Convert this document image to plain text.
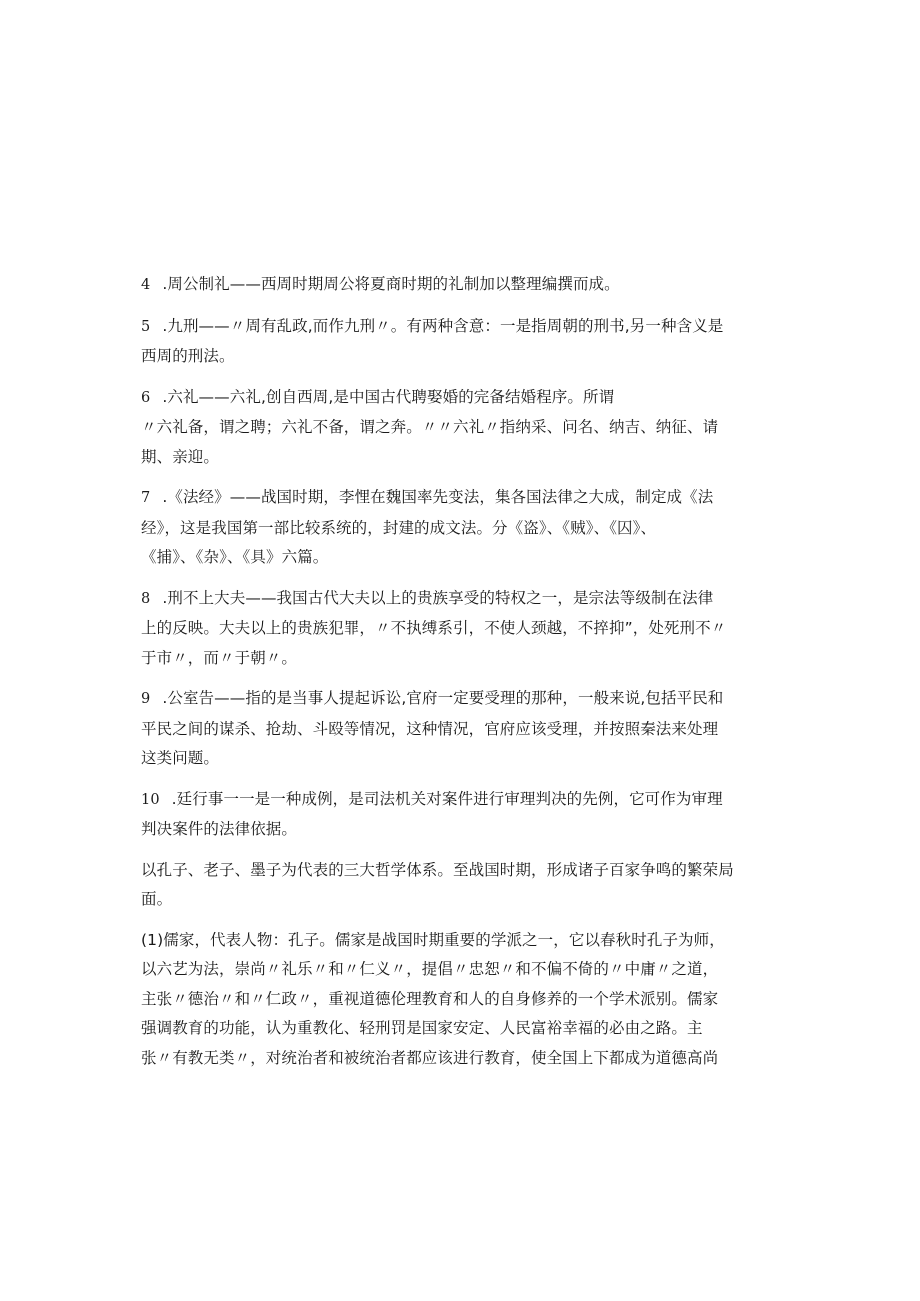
4 .周公制礼——西周时期周公将夏商时期的礼制加以整理编撰而成。

5 .九刑——〃周有乱政,而作九刑〃。有两种含意：一是指周朝的刑书,另一种含义是
西周的刑法。

6 .六礼——六礼,创自西周,是中国古代聘娶婚的完备结婚程序。所谓
〃六礼备，谓之聘；六礼不备，谓之奔。〃〃六礼〃指纳采、问名、纳吉、纳征、请
期、亲迎。

7 .《法经》——战国时期，李悝在魏国率先变法，集各国法律之大成，制定成《法
经》，这是我国第一部比较系统的，封建的成文法。分《盗》、《贼》、《囚》、
《捕》、《杂》、《具》六篇。

8 .刑不上大夫——我国古代大夫以上的贵族享受的特权之一，是宗法等级制在法律
上的反映。大夫以上的贵族犯罪，〃不执缚系引，不使人颈越，不捽抑”，处死刑不〃
于市〃，而〃于朝〃。

9 .公室告——指的是当事人提起诉讼,官府一定要受理的那种，一般来说,包括平民和
平民之间的谋杀、抢劫、斗殴等情况，这种情况，官府应该受理，并按照秦法来处理
这类问题。

10 .廷行事一一是一种成例，是司法机关对案件进行审理判决的先例，它可作为审理
判决案件的法律依据。

以孔子、老子、墨子为代表的三大哲学体系。至战国时期，形成诸子百家争鸣的繁荣局
面。

(1)儒家，代表人物：孔子。儒家是战国时期重要的学派之一，它以春秋时孔子为师，
以六艺为法，崇尚〃礼乐〃和〃仁义〃，提倡〃忠恕〃和不偏不倚的〃中庸〃之道，
主张〃德治〃和〃仁政〃，重视道德伦理教育和人的自身修养的一个学术派别。儒家
强调教育的功能，认为重教化、轻刑罚是国家安定、人民富裕幸福的必由之路。主
张〃有教无类〃，对统治者和被统治者都应该进行教育，使全国上下都成为道德高尚
